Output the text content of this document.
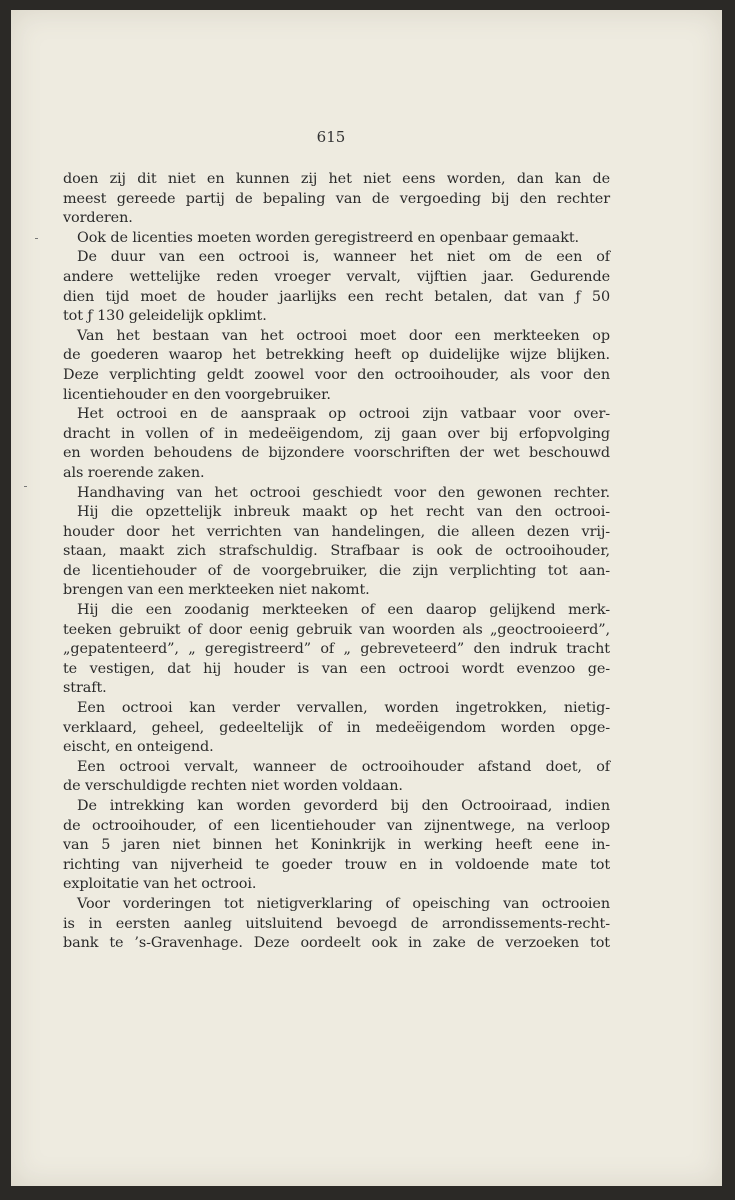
615
doen zij dit niet en kunnen zij het niet eens worden, dan kan de
meest gereede partij de bepaling van de vergoeding bij den rechter
vorderen.
Ook de licenties moeten worden geregistreerd en openbaar gemaakt.
De duur van een octrooi is, wanneer het niet om de een of
andere wettelijke reden vroeger vervalt, vijftien jaar. Gedurende
dien tijd moet de houder jaarlijks een recht betalen, dat van ƒ 50
tot ƒ 130 geleidelijk opklimt.
Van het bestaan van het octrooi moet door een merkteeken op
de goederen waarop het betrekking heeft op duidelijke wijze blijken.
Deze verplichting geldt zoowel voor den octrooihouder, als voor den
licentiehouder en den voorgebruiker.
Het octrooi en de aanspraak op octrooi zijn vatbaar voor over-
dracht in vollen of in medeëigendom, zij gaan over bij erfopvolging
en worden behoudens de bijzondere voorschriften der wet beschouwd
als roerende zaken.
Handhaving van het octrooi geschiedt voor den gewonen rechter.
Hij die opzettelijk inbreuk maakt op het recht van den octrooi-
houder door het verrichten van handelingen, die alleen dezen vrij-
staan, maakt zich strafschuldig. Strafbaar is ook de octrooihouder,
de licentiehouder of de voorgebruiker, die zijn verplichting tot aan-
brengen van een merkteeken niet nakomt.
Hij die een zoodanig merkteeken of een daarop gelijkend merk-
teeken gebruikt of door eenig gebruik van woorden als „geoctrooieerd”,
„gepatenteerd”, „ geregistreerd” of „ gebreveteerd” den indruk tracht
te vestigen, dat hij houder is van een octrooi wordt evenzoo ge-
straft.
Een octrooi kan verder vervallen, worden ingetrokken, nietig-
verklaard, geheel, gedeeltelijk of in medeëigendom worden opge-
eischt, en onteigend.
Een octrooi vervalt, wanneer de octrooihouder afstand doet, of
de verschuldigde rechten niet worden voldaan.
De intrekking kan worden gevorderd bij den Octrooiraad, indien
de octrooihouder, of een licentiehouder van zijnentwege, na verloop
van 5 jaren niet binnen het Koninkrijk in werking heeft eene in-
richting van nijverheid te goeder trouw en in voldoende mate tot
exploitatie van het octrooi.
Voor vorderingen tot nietigverklaring of opeisching van octrooien
is in eersten aanleg uitsluitend bevoegd de arrondissements-recht-
bank te ’s-Gravenhage. Deze oordeelt ook in zake de verzoeken tot
